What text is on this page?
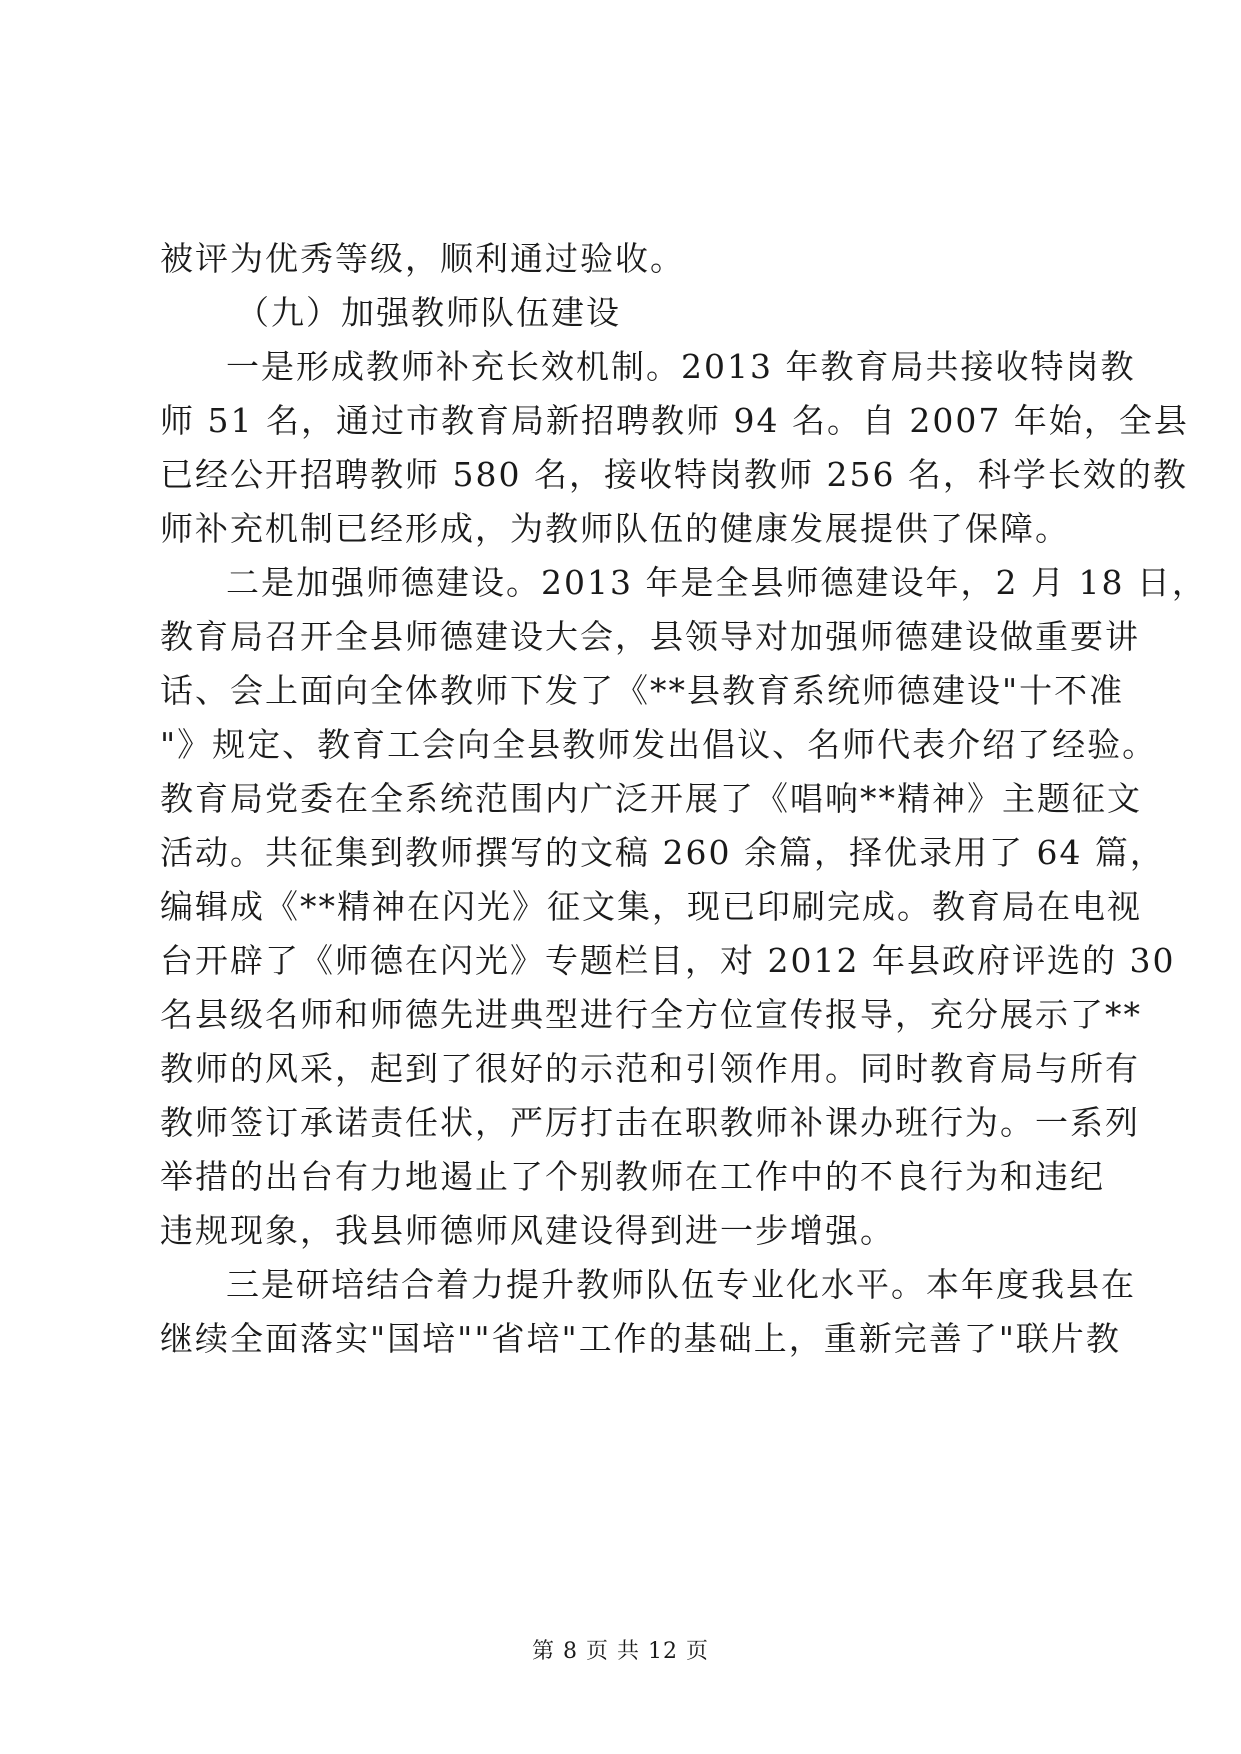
被评为优秀等级，顺利通过验收。
（九）加强教师队伍建设
一是形成教师补充长效机制。2013 年教育局共接收特岗教
师 51 名，通过市教育局新招聘教师 94 名。自 2007 年始，全县
已经公开招聘教师 580 名，接收特岗教师 256 名，科学长效的教
师补充机制已经形成，为教师队伍的健康发展提供了保障。
二是加强师德建设。2013 年是全县师德建设年，2 月 18 日，
教育局召开全县师德建设大会，县领导对加强师德建设做重要讲
话、会上面向全体教师下发了《**县教育系统师德建设"十不准
"》规定、教育工会向全县教师发出倡议、名师代表介绍了经验。
教育局党委在全系统范围内广泛开展了《唱响**精神》主题征文
活动。共征集到教师撰写的文稿 260 余篇，择优录用了 64 篇，
编辑成《**精神在闪光》征文集，现已印刷完成。教育局在电视
台开辟了《师德在闪光》专题栏目，对 2012 年县政府评选的 30
名县级名师和师德先进典型进行全方位宣传报导，充分展示了**
教师的风采，起到了很好的示范和引领作用。同时教育局与所有
教师签订承诺责任状，严厉打击在职教师补课办班行为。一系列
举措的出台有力地遏止了个别教师在工作中的不良行为和违纪
违规现象，我县师德师风建设得到进一步增强。
三是研培结合着力提升教师队伍专业化水平。本年度我县在
继续全面落实"国培""省培"工作的基础上，重新完善了"联片教
第 8 页 共 12 页
